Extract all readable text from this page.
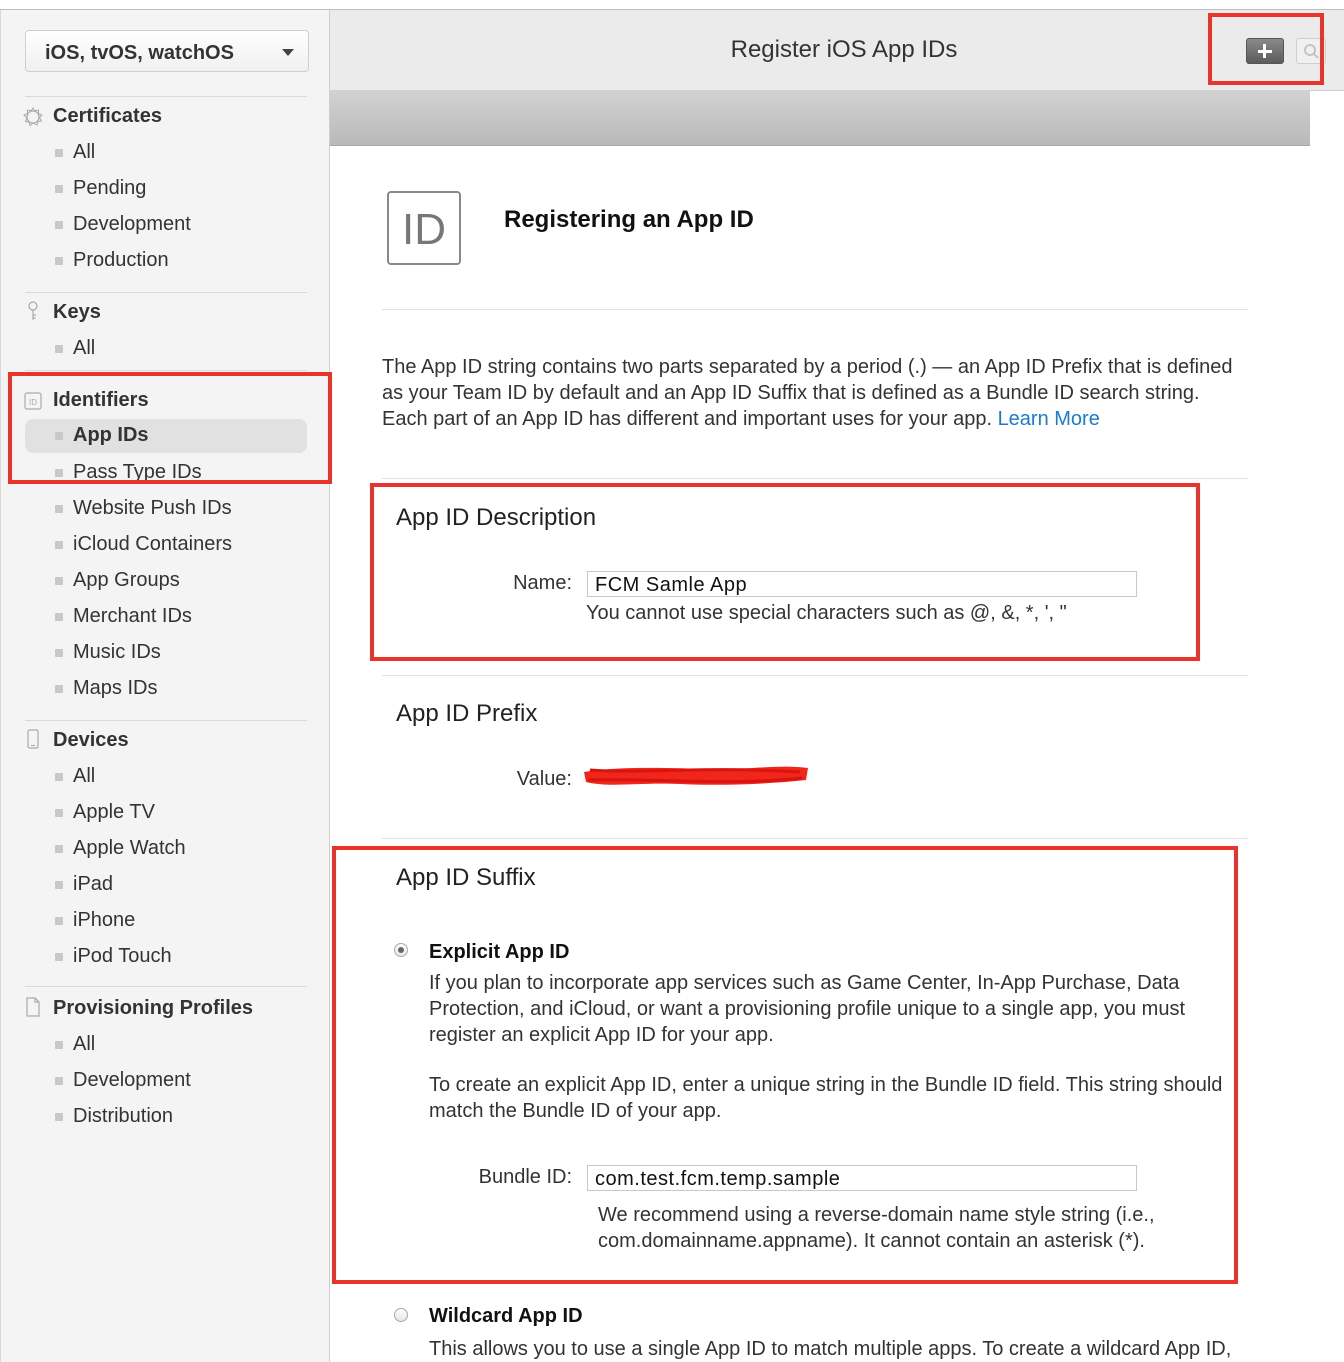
iOS, tvOS, watchOS
Certificates
All
Pending
Development
Production
Keys
All
ID Identifiers
App IDs
Pass Type IDs
Website Push IDs
iCloud Containers
App Groups
Merchant IDs
Music IDs
Maps IDs
Devices
All
Apple TV
Apple Watch
iPad
iPhone
iPod Touch
Provisioning Profiles
All
Development
Distribution
Register iOS App IDs
ID	Registering an App ID
The App ID string contains two parts separated by a period (.) — an App ID Prefix that is defined as your Team ID by default and an App ID Suffix that is defined as a Bundle ID search string. Each part of an App ID has different and important uses for your app. Learn More
App ID Description
Name: FCM Samle App
You cannot use special characters such as @, &, *, ', "
App ID Prefix
Value:
App ID Suffix
Explicit App ID
If you plan to incorporate app services such as Game Center, In-App Purchase, Data Protection, and iCloud, or want a provisioning profile unique to a single app, you must register an explicit App ID for your app.
To create an explicit App ID, enter a unique string in the Bundle ID field. This string should match the Bundle ID of your app.
Bundle ID: com.test.fcm.temp.sample
We recommend using a reverse-domain name style string (i.e., com.domainname.appname). It cannot contain an asterisk (*).
Wildcard App ID
This allows you to use a single App ID to match multiple apps. To create a wildcard App ID,
